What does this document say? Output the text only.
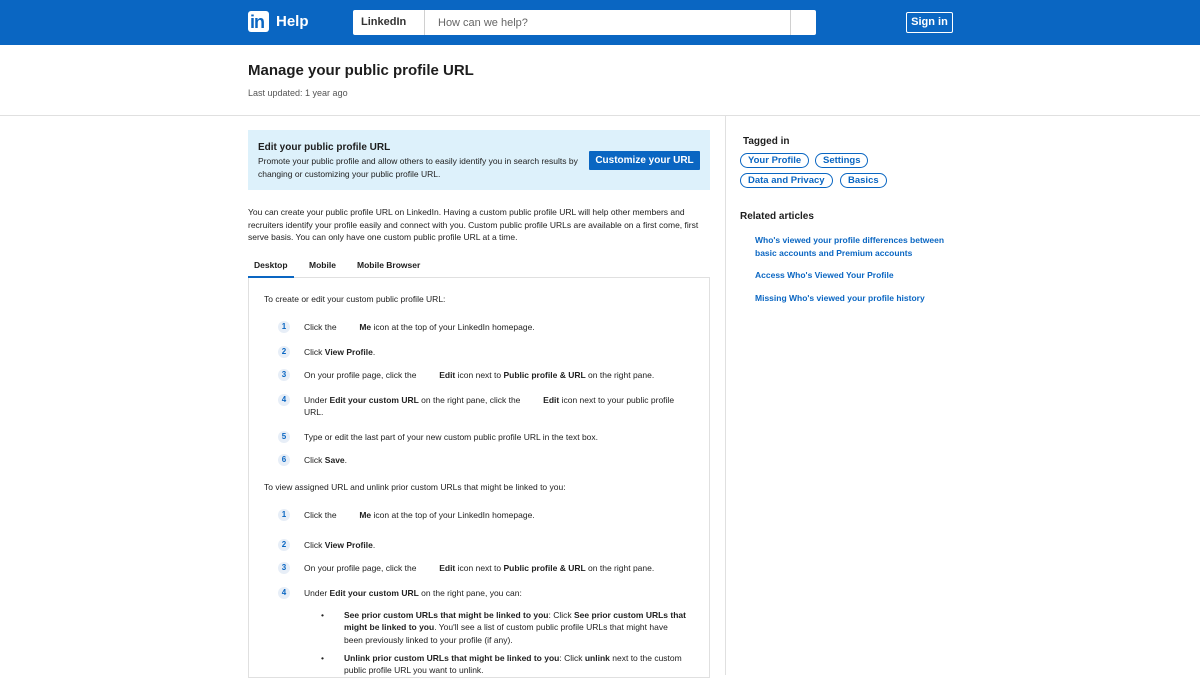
in Help	LinkedIn
How can we help?	Sign in
Manage your public profile URL
Last updated: 1 year ago
Edit your public profile URL
Promote your public profile and allow others to easily identify you in search results by changing or customizing your public profile URL.
Customize your URL

You can create your public profile URL on LinkedIn. Having a custom public profile URL will help other members and recruiters identify your profile easily and connect with you. Custom public profile URLs are available on a first come, first serve basis. You can only have one custom public profile URL at a time.

Desktop	Mobile Mobile Browser
To create or edit your custom public profile URL:
1	Click the	Me icon at the top of your LinkedIn homepage.
2	Click View Profile.
3	On your profile page, click the	Edit icon next to Public profile & URL on the right pane.
4	Under Edit your custom URL on the right pane, click the	Edit icon next to your public profile URL.
5	Type or edit the last part of your new custom public profile URL in the text box.
6	Click Save.
To view assigned URL and unlink prior custom URLs that might be linked to you:
1	Click the	Me icon at the top of your LinkedIn homepage.
2	Click View Profile.
3	On your profile page, click the	Edit icon next to Public profile & URL on the right pane.
4	Under Edit your custom URL on the right pane, you can:
• See prior custom URLs that might be linked to you: Click See prior custom URLs that might be linked to you. You'll see a list of custom public profile URLs that might have been previously linked to your profile (if any).
• Unlink prior custom URLs that might be linked to you: Click unlink next to the custom public profile URL you want to unlink.
Tagged in
Your Profile	Settings
Data and Privacy	Basics
Related articles
Who's viewed your profile differences between basic accounts and Premium accounts
Access Who's Viewed Your Profile
Missing Who's viewed your profile history
